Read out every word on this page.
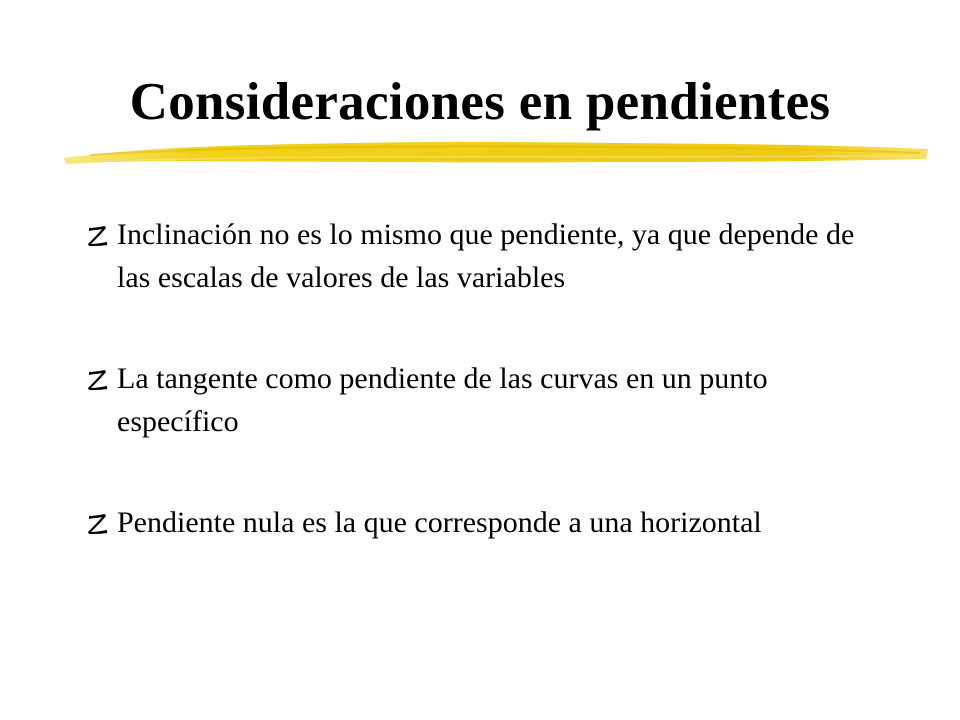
Consideraciones en pendientes
Inclinación no es lo mismo que pendiente, ya que depende de las escalas de valores de las variables
La tangente como pendiente de las curvas en un punto específico
Pendiente nula es la que corresponde a una horizontal
